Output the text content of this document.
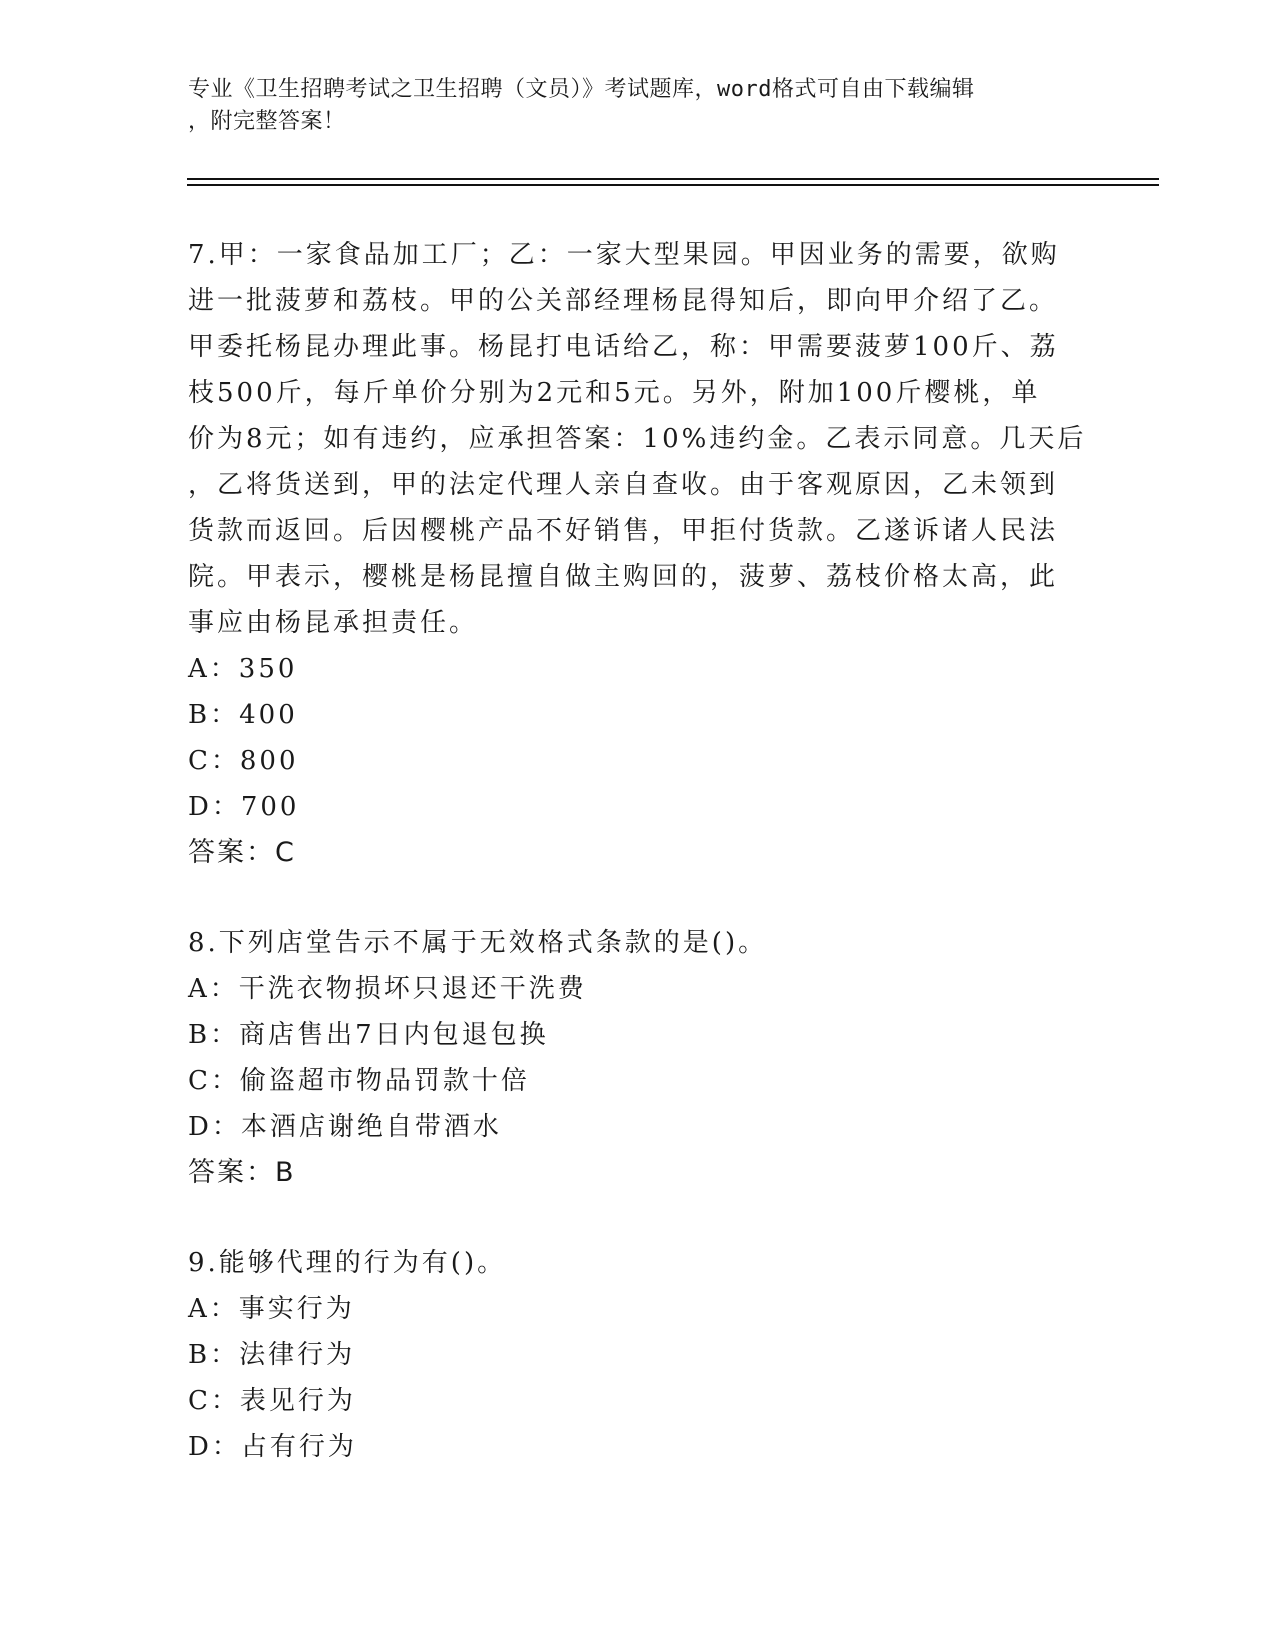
专业《卫生招聘考试之卫生招聘（文员）》考试题库，word格式可自由下载编辑
，附完整答案！
7.甲：一家食品加工厂；乙：一家大型果园。甲因业务的需要，欲购
进一批菠萝和荔枝。甲的公关部经理杨昆得知后，即向甲介绍了乙。
甲委托杨昆办理此事。杨昆打电话给乙，称：甲需要菠萝100斤、荔
枝500斤，每斤单价分别为2元和5元。另外，附加100斤樱桃，单
价为8元；如有违约，应承担答案：10%违约金。乙表示同意。几天后
，乙将货送到，甲的法定代理人亲自查收。由于客观原因，乙未领到
货款而返回。后因樱桃产品不好销售，甲拒付货款。乙遂诉诸人民法
院。甲表示，樱桃是杨昆擅自做主购回的，菠萝、荔枝价格太高，此
事应由杨昆承担责任。
A：350
B：400
C：800
D：700
答案：C
8.下列店堂告示不属于无效格式条款的是()。
A：干洗衣物损坏只退还干洗费
B：商店售出7日内包退包换
C：偷盗超市物品罚款十倍
D：本酒店谢绝自带酒水
答案：B
9.能够代理的行为有()。
A：事实行为
B：法律行为
C：表见行为
D：占有行为
